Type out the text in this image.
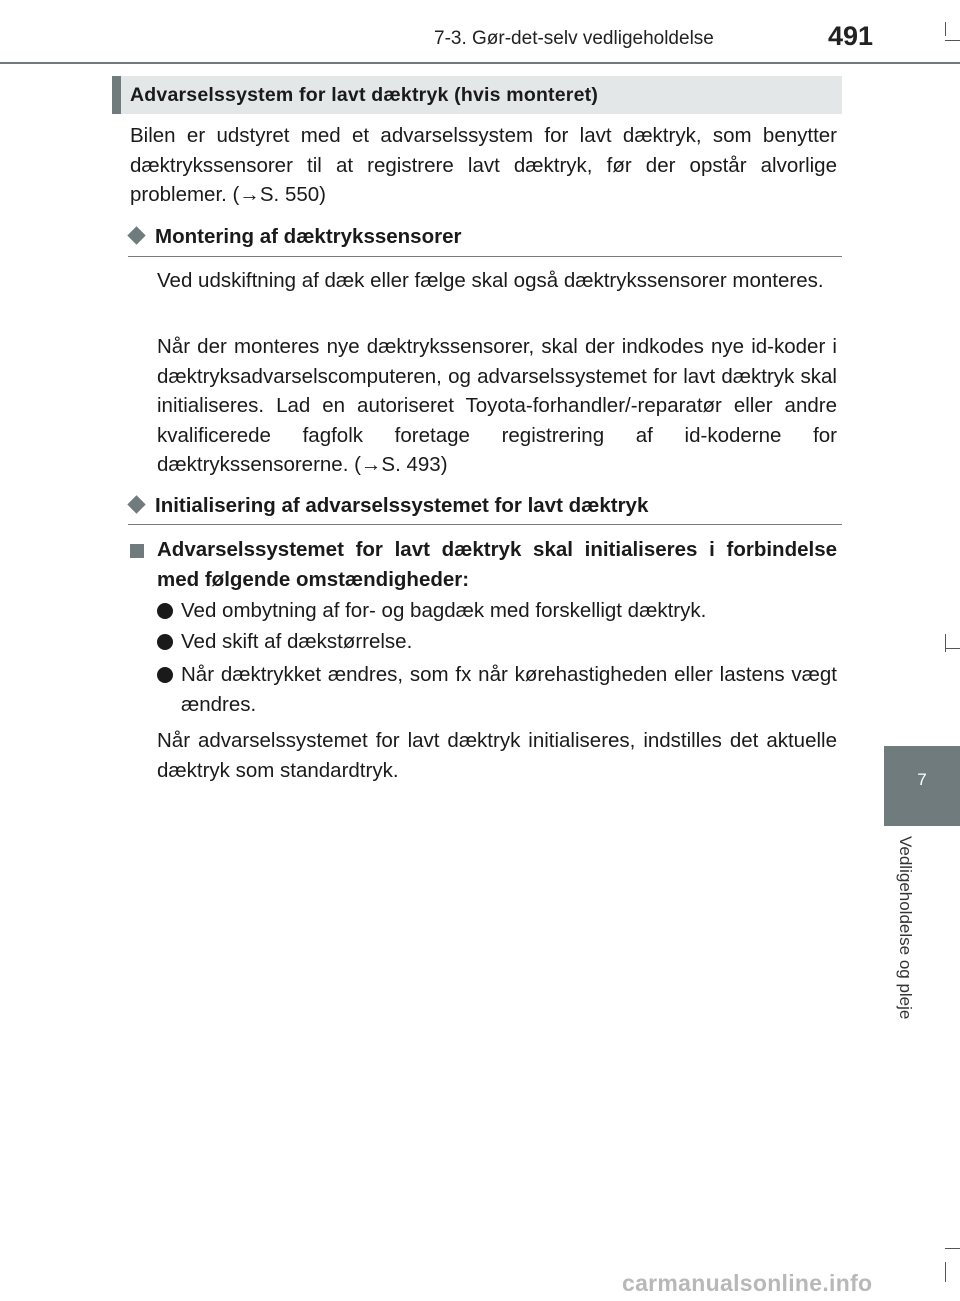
7-3. Gør-det-selv vedligeholdelse	491
7
Vedligeholdelse og pleje
Advarselssystem for lavt dæktryk (hvis monteret)
Bilen er udstyret med et advarselssystem for lavt dæktryk, som benytter dæktrykssensorer til at registrere lavt dæktryk, før der opstår alvorlige problemer. (→S. 550)
Montering af dæktrykssensorer
Ved udskiftning af dæk eller fælge skal også dæktrykssensorer monteres.
Når der monteres nye dæktrykssensorer, skal der indkodes nye id-koder i dæktryksadvarselscomputeren, og advarselssystemet for lavt dæktryk skal initialiseres. Lad en autoriseret Toyota-forhandler/-reparatør eller andre kvalificerede fagfolk foretage registrering af id-koderne for dæktrykssensorerne. (→S. 493)
Initialisering af advarselssystemet for lavt dæktryk
Advarselssystemet for lavt dæktryk skal initialiseres i forbindelse med følgende omstændigheder:
Ved ombytning af for- og bagdæk med forskelligt dæktryk.
Ved skift af dækstørrelse.
Når dæktrykket ændres, som fx når kørehastigheden eller lastens vægt ændres.
Når advarselssystemet for lavt dæktryk initialiseres, indstilles det aktuelle dæktryk som standardtryk.
carmanualsonline.info
